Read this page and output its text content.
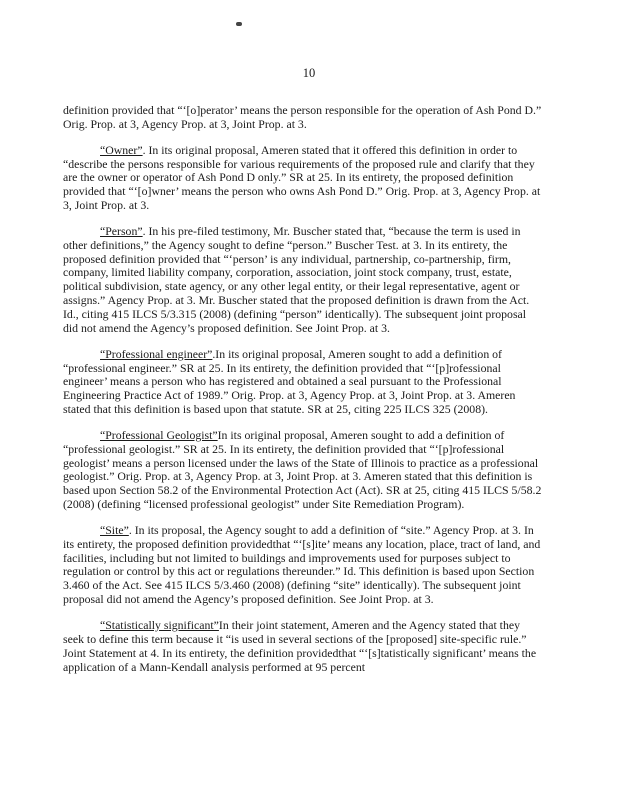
10

definition provided that “‘[o]perator’ means the person responsible for the operation of Ash Pond D.” Orig. Prop. at 3, Agency Prop. at 3, Joint Prop. at 3.

“Owner”. In its original proposal, Ameren stated that it offered this definition in order to “describe the persons responsible for various requirements of the proposed rule and clarify that they are the owner or operator of Ash Pond D only.” SR at 25. In its entirety, the proposed definition provided that “‘[o]wner’ means the person who owns Ash Pond D.” Orig. Prop. at 3, Agency Prop. at 3, Joint Prop. at 3.

“Person”. In his pre-filed testimony, Mr. Buscher stated that, “because the term is used in other definitions,” the Agency sought to define “person.” Buscher Test. at 3. In its entirety, the proposed definition provided that “‘person’ is any individual, partnership, co-partnership, firm, company, limited liability company, corporation, association, joint stock company, trust, estate, political subdivision, state agency, or any other legal entity, or their legal representative, agent or assigns.” Agency Prop. at 3. Mr. Buscher stated that the proposed definition is drawn from the Act. Id., citing 415 ILCS 5/3.315 (2008) (defining “person” identically). The subsequent joint proposal did not amend the Agency’s proposed definition. See Joint Prop. at 3.

“Professional engineer”.In its original proposal, Ameren sought to add a definition of “professional engineer.” SR at 25. In its entirety, the definition provided that “‘[p]rofessional engineer’ means a person who has registered and obtained a seal pursuant to the Professional Engineering Practice Act of 1989.” Orig. Prop. at 3, Agency Prop. at 3, Joint Prop. at 3. Ameren stated that this definition is based upon that statute. SR at 25, citing 225 ILCS 325 (2008).

“Professional Geologist”In its original proposal, Ameren sought to add a definition of “professional geologist.” SR at 25. In its entirety, the definition provided that “‘[p]rofessional geologist’ means a person licensed under the laws of the State of Illinois to practice as a professional geologist.” Orig. Prop. at 3, Agency Prop. at 3, Joint Prop. at 3. Ameren stated that this definition is based upon Section 58.2 of the Environmental Protection Act (Act). SR at 25, citing 415 ILCS 5/58.2 (2008) (defining “licensed professional geologist” under Site Remediation Program).

“Site”. In its proposal, the Agency sought to add a definition of “site.” Agency Prop. at 3. In its entirety, the proposed definition providedthat “‘[s]ite’ means any location, place, tract of land, and facilities, including but not limited to buildings and improvements used for purposes subject to regulation or control by this act or regulations thereunder.” Id. This definition is based upon Section 3.460 of the Act. See 415 ILCS 5/3.460 (2008) (defining “site” identically). The subsequent joint proposal did not amend the Agency’s proposed definition. See Joint Prop. at 3.

“Statistically significant”In their joint statement, Ameren and the Agency stated that they seek to define this term because it “is used in several sections of the [proposed] site-specific rule.” Joint Statement at 4. In its entirety, the definition providedthat “‘[s]tatistically significant’ means the application of a Mann-Kendall analysis performed at 95 percent
